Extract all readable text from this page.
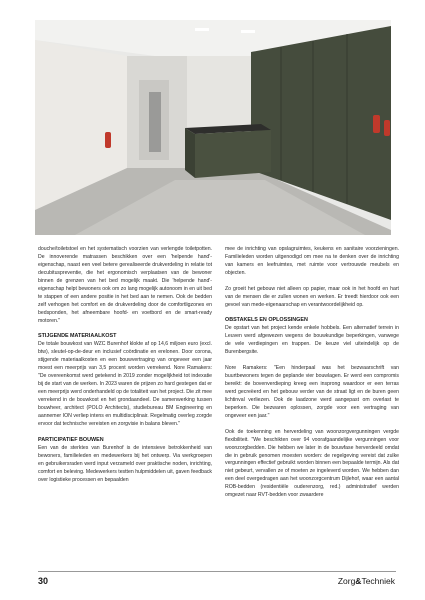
douche/toiletstoel en het systematisch voorzien van verlengde toiletpotten. De innoverende matrassen beschikken over een 'helpende hand'-eigenschap, naast een veel betere gerealiseerde drukverdeling in relatie tot decubituspreventie, die het ergonomisch verplaatsen van de bewoner binnen de grenzen van het bed mogelijk maakt. Die 'helpende hand'-eigenschap helpt bewoners ook om zo lang mogelijk autonoom in en uit bed te stappen of een andere positie in het bed aan te nemen. Ook de bedden zelf verhogen het comfort en de drukverdeling door de comfortligzones en bedsponden, het afneembare hoofd- en voetbord en de smart-ready motoren."

STIJGENDE MATERIAALKOST

De totale bouwkost van WZC Burenhof klokte af op 14,6 miljoen euro (excl. btw), sleutel-op-de-deur en inclusief coördinatie en erelonen. Door corona, stijgende materiaalkosten en een bouwvertraging van ongeveer een jaar moest een meerprijs van 3,5 procent worden verrekend. Nore Ramakers: "De overeenkomst werd getekend in 2019 zonder mogelijkheid tot indexatie bij de start van de werken. In 2023 waren de prijzen zo hard gestegen dat er een meerprijs werd onderhandeld op de totaliteit van het project. Die zit mee verrekend in de bouwkost en het grondaandeel. De samenwerking tussen bouwheer, architect (POLO Architects), studiebureau BM Engineering en aannemer ION verliep intens en multidisciplinair. Regelmatig overleg zorgde ervoor dat technische vereisten en zorgvisie in balans bleven."

PARTICIPATIEF BOUWEN

Een van de sterktes van Burenhof is de intensieve betrokkenheid van bewoners, familieleden en medewerkers bij het ontwerp. Via werkgroepen en gebruikersraden werd input verzameld over praktische noden, inrichting, comfort en beleving. Medewerkers testten hulpmiddelen uit, gaven feedback over logistieke processen en bepaalden

mee de inrichting van opslagruimtes, keukens en sanitaire voorzieningen. Familieleden worden uitgenodigd om mee na te denken over de inrichting van kamers en leefruimtes, met ruimte voor vertrouwde meubels en objecten.

Zo groeit het gebouw niet alleen op papier, maar ook in het hoofd en hart van de mensen die er zullen wonen en werken. Er treedt hierdoor ook een gevoel van mede-eigenaarschap en verantwoordelijkheid op.

OBSTAKELS EN OPLOSSINGEN

De opstart van het project kende enkele hobbels. Een alternatief terrein in Leuven werd afgewezen wegens de bouwkundige beperkingen, vanwege de vele verdiepingen en trappen. De keuze viel uiteindelijk op de Burenbergsite.

Nore Ramakers: "Een hinderpaal was het bezwaarschrift van buurtbewoners tegen de geplande vier bouwlagen. Er werd een compromis bereikt: de bovenverdieping kreeg een insprong waardoor er een terras werd gecreëerd en het gebouw verder van de straat ligt en de buren geen lichtinval verliezen. Ook de laadzone werd aangepast om overlast te beperken. Die bezwaren oplossen, zorgde voor een vertraging van ongeveer een jaar."

Ook de toekenning en herverdeling van woonzorgvergunningen vergde flexibiliteit. "We beschikten over 94 voorafgaandelijke vergunningen voor woonzorgbedden. Die hebben we later in de bouwfase herverdeeld omdat die in gebruik genomen moesten worden: de regelgeving vereist dat zulke vergunningen effectief gebruikt worden binnen een bepaalde termijn. Als dat niet gebeurt, vervallen ze of moeten ze ingeleverd worden. We hebben dan een deel overgedragen aan het woonzorgcentrum Dijlehof, waar een aantal ROB-bedden (residentiële ouderenzorg, red.) administratief werden omgezet naar RVT-bedden voor zwaardere

30	Zorg&Techniek
